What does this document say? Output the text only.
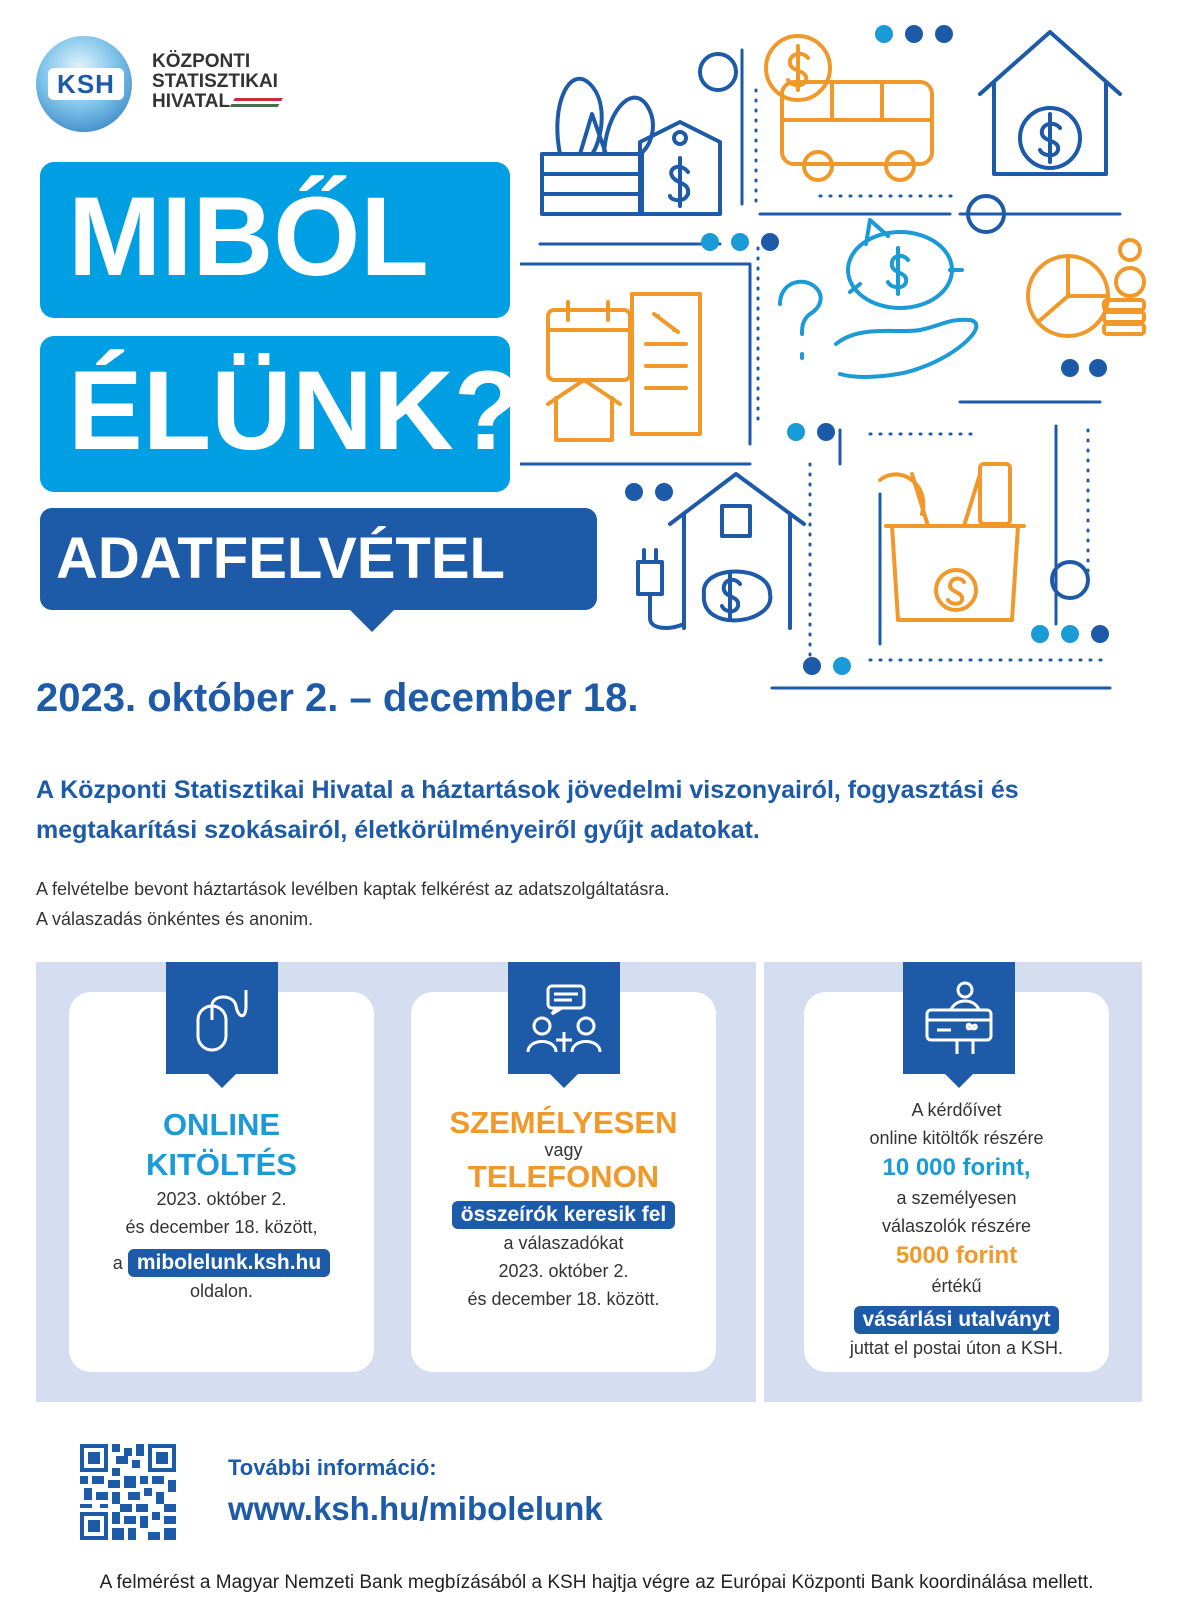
KSH
KÖZPONTI
STATISZTIKAI
HIVATAL
MIBŐL
ÉLÜNK?
ADATFELVÉTEL
2023. október 2. – december 18.
A Központi Statisztikai Hivatal a háztartások jövedelmi viszonyairól, fogyasztási és megtakarítási szokásairól, életkörülményeiről gyűjt adatokat.
A felvételbe bevont háztartások levélben kaptak felkérést az adatszolgáltatásra.
A válaszadás önkéntes és anonim.
ONLINE
KITÖLTÉS
2023. október 2.
és december 18. között,
a mibolelunk.ksh.hu
oldalon.
SZEMÉLYESEN
vagy
TELEFONON
összeírók keresik fel
a válaszadókat
2023. október 2.
és december 18. között.
A kérdőívet
online kitöltők részére
10 000 forint,
a személyesen
válaszolók részére
5000 forint
értékű
vásárlási utalványt
juttat el postai úton a KSH.
További információ:
www.ksh.hu/mibolelunk
A felmérést a Magyar Nemzeti Bank megbízásából a KSH hajtja végre az Európai Központi Bank koordinálása mellett.
